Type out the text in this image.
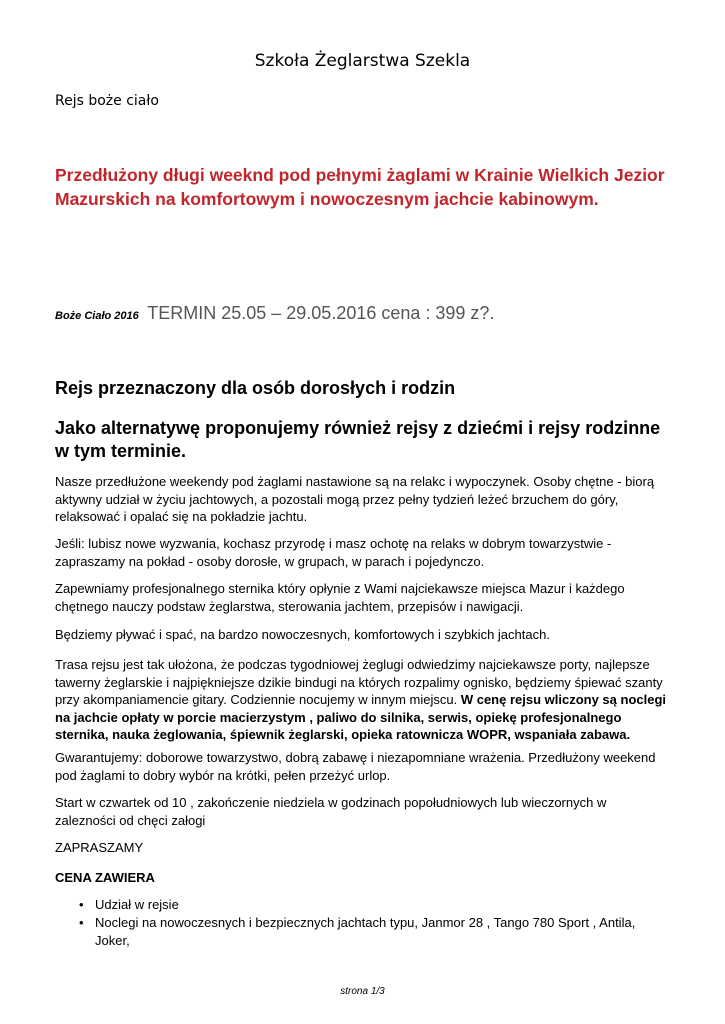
Szkoła Żeglarstwa Szekla
Rejs boże ciało
Przedłużony długi weeknd pod pełnymi żaglami w Krainie Wielkich Jezior Mazurskich na komfortowym i nowoczesnym jachcie kabinowym.
Boże Ciało 2016 TERMIN 25.05 – 29.05.2016 cena : 399 z?.
Rejs przeznaczony dla osób dorosłych i rodzin
Jako alternatywę proponujemy również rejsy z dziećmi i rejsy rodzinne w tym terminie.
Nasze przedłużone weekendy pod żaglami nastawione są na relakc i wypoczynek. Osoby chętne - biorą aktywny udział w życiu jachtowych, a pozostali mogą przez pełny tydzień leżeć brzuchem do góry, relaksować i opalać się na pokładzie jachtu.
Jeśli: lubisz nowe wyzwania, kochasz przyrodę i masz ochotę na relaks w dobrym towarzystwie - zapraszamy na pokład - osoby dorosłe, w grupach, w parach i pojedynczo.
Zapewniamy profesjonalnego sternika który opłynie z Wami najciekawsze miejsca Mazur i każdego chętnego nauczy podstaw żeglarstwa, sterowania jachtem, przepisów i nawigacji.
Będziemy pływać i spać, na bardzo nowoczesnych, komfortowych i szybkich jachtach.
Trasa rejsu jest tak ułożona, że podczas tygodniowej żeglugi odwiedzimy najciekawsze porty, najlepsze tawerny żeglarskie i najpiękniejsze dzikie bindugi na których rozpalimy ognisko, będziemy śpiewać szanty przy akompaniamencie gitary. Codziennie nocujemy w innym miejscu. W cenę rejsu wliczony są noclegi na jachcie opłaty w porcie macierzystym , paliwo do silnika, serwis, opiekę profesjonalnego sternika, nauka żeglowania, śpiewnik żeglarski, opieka ratownicza WOPR, wspaniała zabawa.
Gwarantujemy: doborowe towarzystwo, dobrą zabawę i niezapomniane wrażenia. Przedłużony weekend pod żaglami to dobry wybór na krótki, pełen przeżyć urlop.
Start w czwartek od 10 , zakończenie niedziela w godzinach popołudniowych lub wieczornych w zalezności od chęci załogi
ZAPRASZAMY
CENA ZAWIERA
• Udział w rejsie
• Noclegi na nowoczesnych i bezpiecznych jachtach typu, Janmor 28 , Tango 780 Sport , Antila, Joker,
strona 1/3
